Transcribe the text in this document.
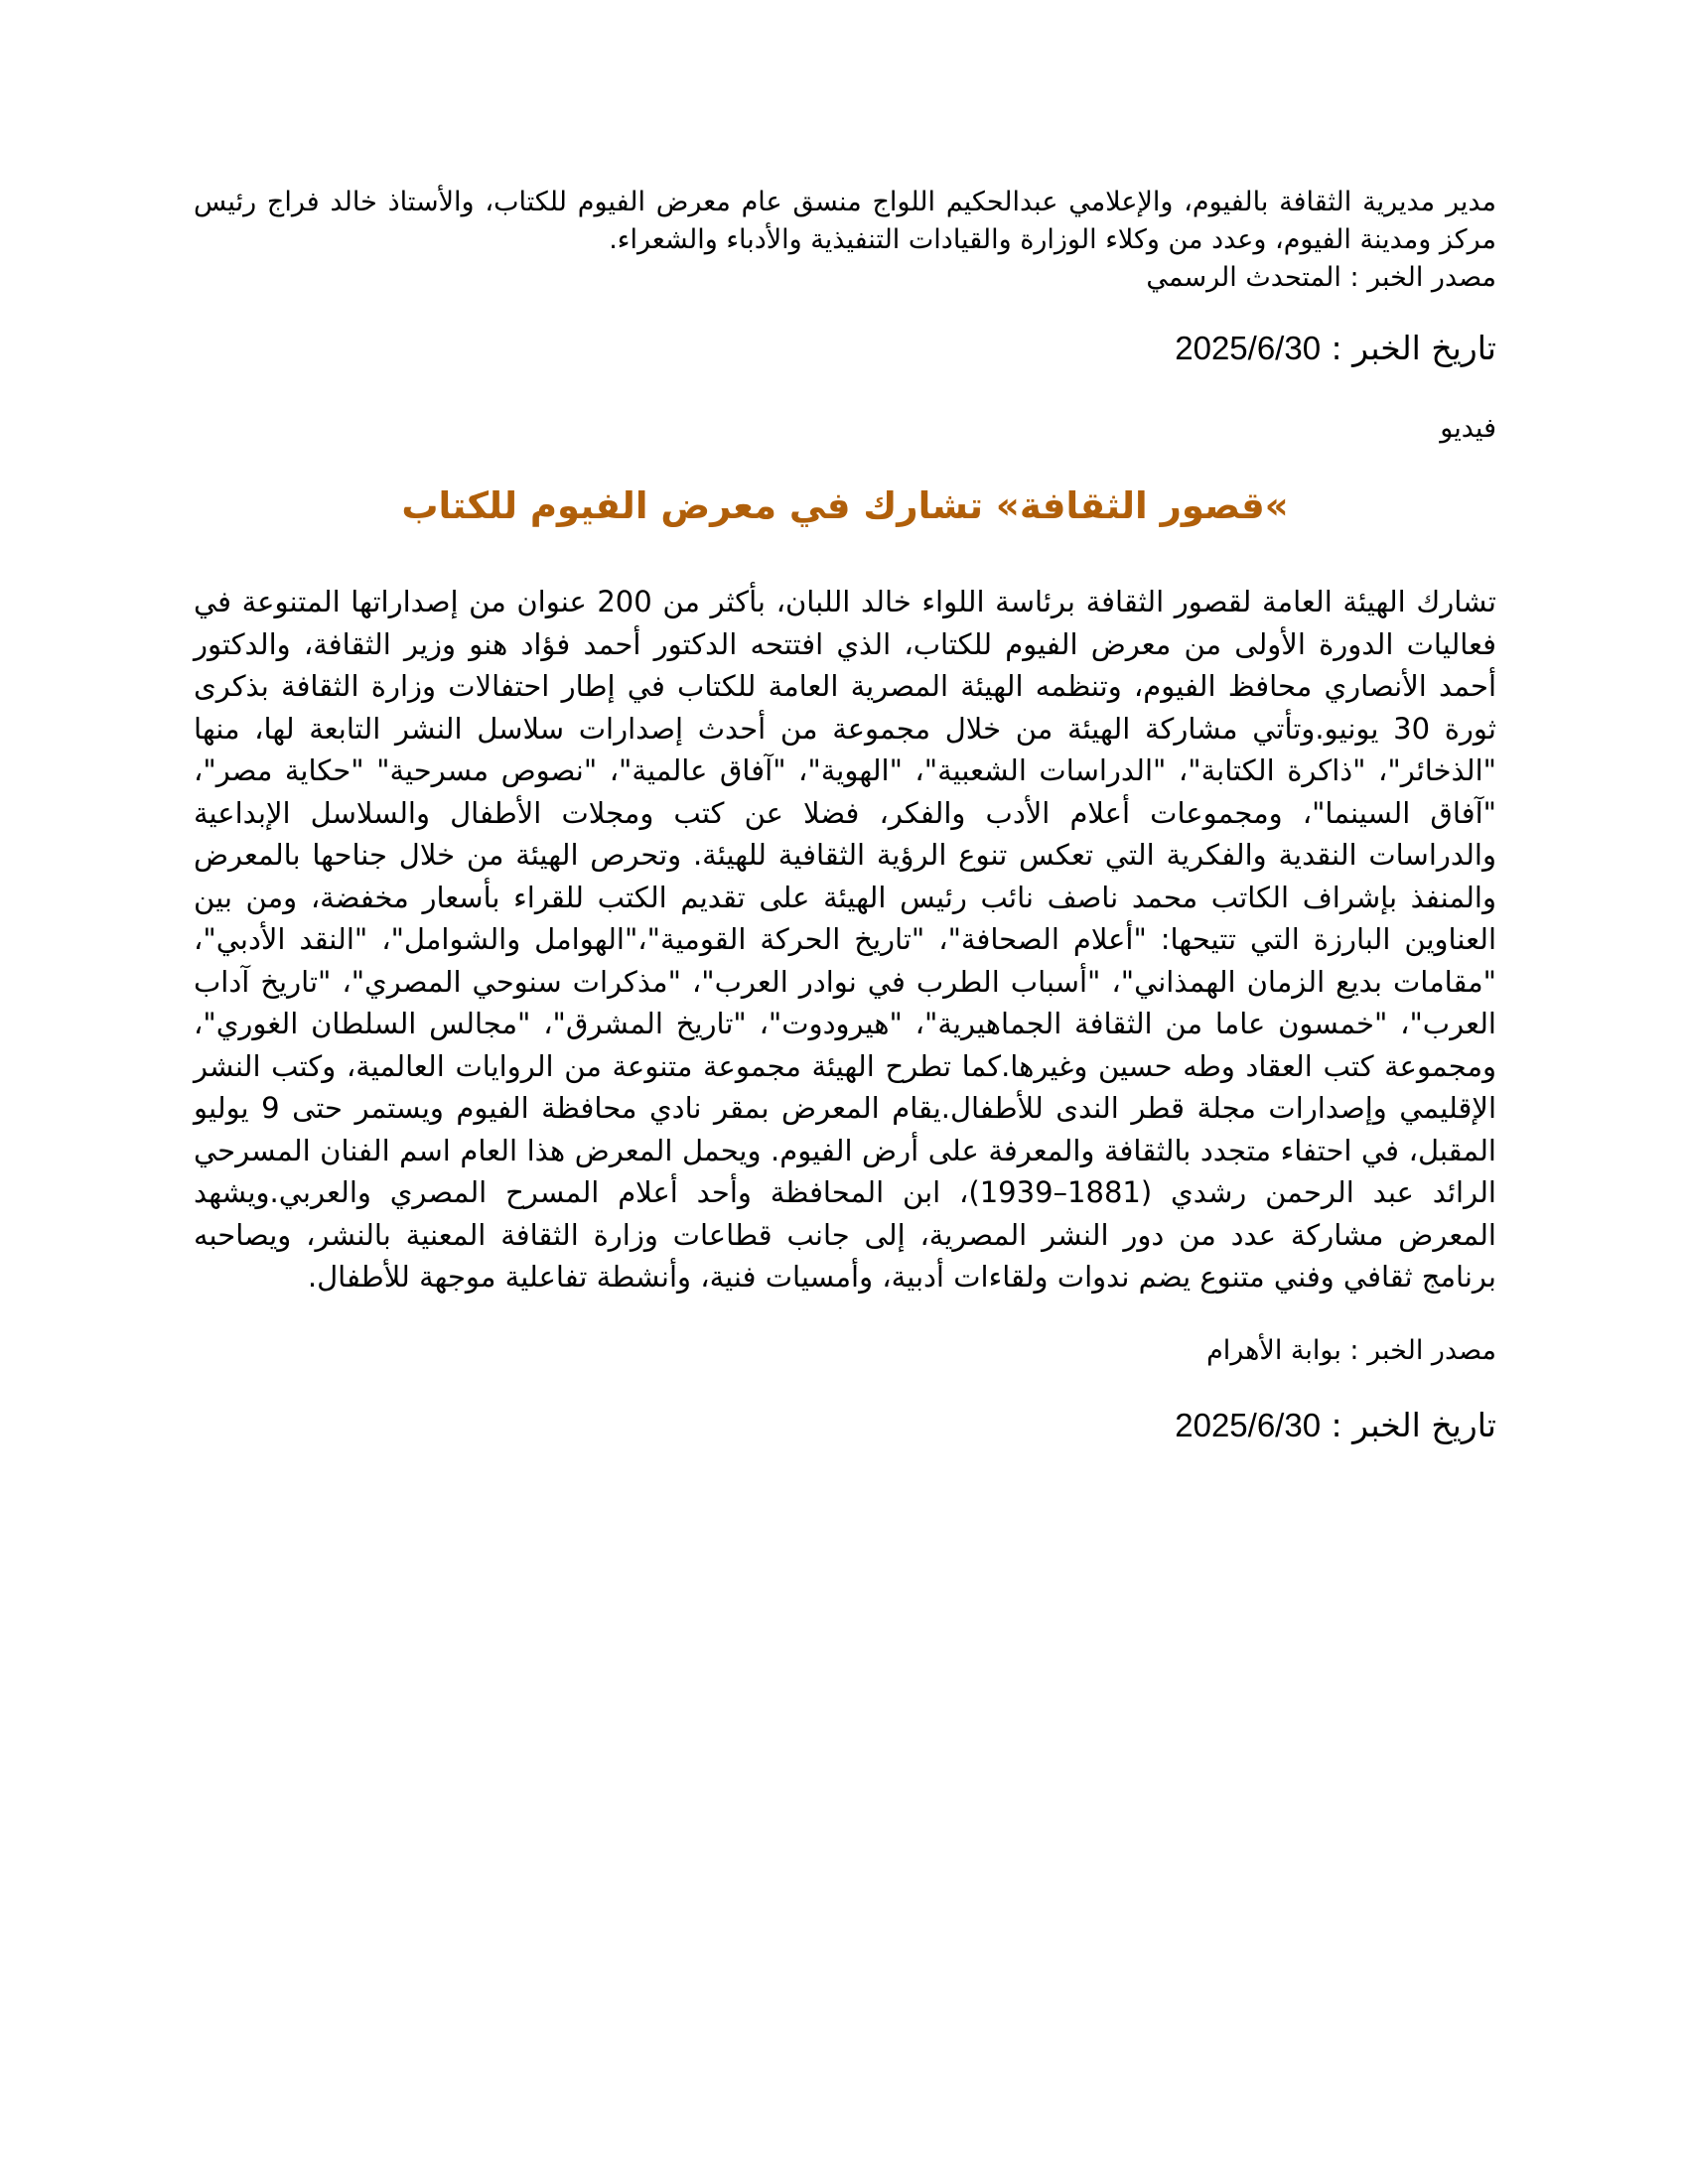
مدير مديرية الثقافة بالفيوم، والإعلامي عبدالحكيم اللواج منسق عام معرض الفيوم للكتاب، والأستاذ خالد فراج رئيس مركز ومدينة الفيوم، وعدد من وكلاء الوزارة والقيادات التنفيذية والأدباء والشعراء.

مصدر الخبر : المتحدث الرسمي

تاريخ الخبر : 2025/6/30

فيديو

»قصور الثقافة» تشارك في معرض الفيوم للكتاب

تشارك الهيئة العامة لقصور الثقافة برئاسة اللواء خالد اللبان، بأكثر من 200 عنوان من إصداراتها المتنوعة في فعاليات الدورة الأولى من معرض الفيوم للكتاب، الذي افتتحه الدكتور أحمد فؤاد هنو وزير الثقافة، والدكتور أحمد الأنصاري محافظ الفيوم، وتنظمه الهيئة المصرية العامة للكتاب في إطار احتفالات وزارة الثقافة بذكرى ثورة 30 يونيو.وتأتي مشاركة الهيئة من خلال مجموعة من أحدث إصدارات سلاسل النشر التابعة لها، منها "الذخائر"، "ذاكرة الكتابة"، "الدراسات الشعبية"، "الهوية"، "آفاق عالمية"، "نصوص مسرحية" "حكاية مصر"، "آفاق السينما"، ومجموعات أعلام الأدب والفكر، فضلا عن كتب ومجلات الأطفال والسلاسل الإبداعية والدراسات النقدية والفكرية التي تعكس تنوع الرؤية الثقافية للهيئة. وتحرص الهيئة من خلال جناحها بالمعرض والمنفذ بإشراف الكاتب محمد ناصف نائب رئيس الهيئة على تقديم الكتب للقراء بأسعار مخفضة، ومن بين العناوين البارزة التي تتيحها: "أعلام الصحافة"، "تاريخ الحركة القومية"،"الهوامل والشوامل"، "النقد الأدبي"، "مقامات بديع الزمان الهمذاني"، "أسباب الطرب في نوادر العرب"، "مذكرات سنوحي المصري"، "تاريخ آداب العرب"، "خمسون عاما من الثقافة الجماهيرية"، "هيرودوت"، "تاريخ المشرق"، "مجالس السلطان الغوري"، ومجموعة كتب العقاد وطه حسين وغيرها.كما تطرح الهيئة مجموعة متنوعة من الروايات العالمية، وكتب النشر الإقليمي وإصدارات مجلة قطر الندى للأطفال.يقام المعرض بمقر نادي محافظة الفيوم ويستمر حتى 9 يوليو المقبل، في احتفاء متجدد بالثقافة والمعرفة على أرض الفيوم. ويحمل المعرض هذا العام اسم الفنان المسرحي الرائد عبد الرحمن رشدي (1881–1939)، ابن المحافظة وأحد أعلام المسرح المصري والعربي.ويشهد المعرض مشاركة عدد من دور النشر المصرية، إلى جانب قطاعات وزارة الثقافة المعنية بالنشر، ويصاحبه برنامج ثقافي وفني متنوع يضم ندوات ولقاءات أدبية، وأمسيات فنية، وأنشطة تفاعلية موجهة للأطفال.

مصدر الخبر : بوابة الأهرام

تاريخ الخبر : 2025/6/30
